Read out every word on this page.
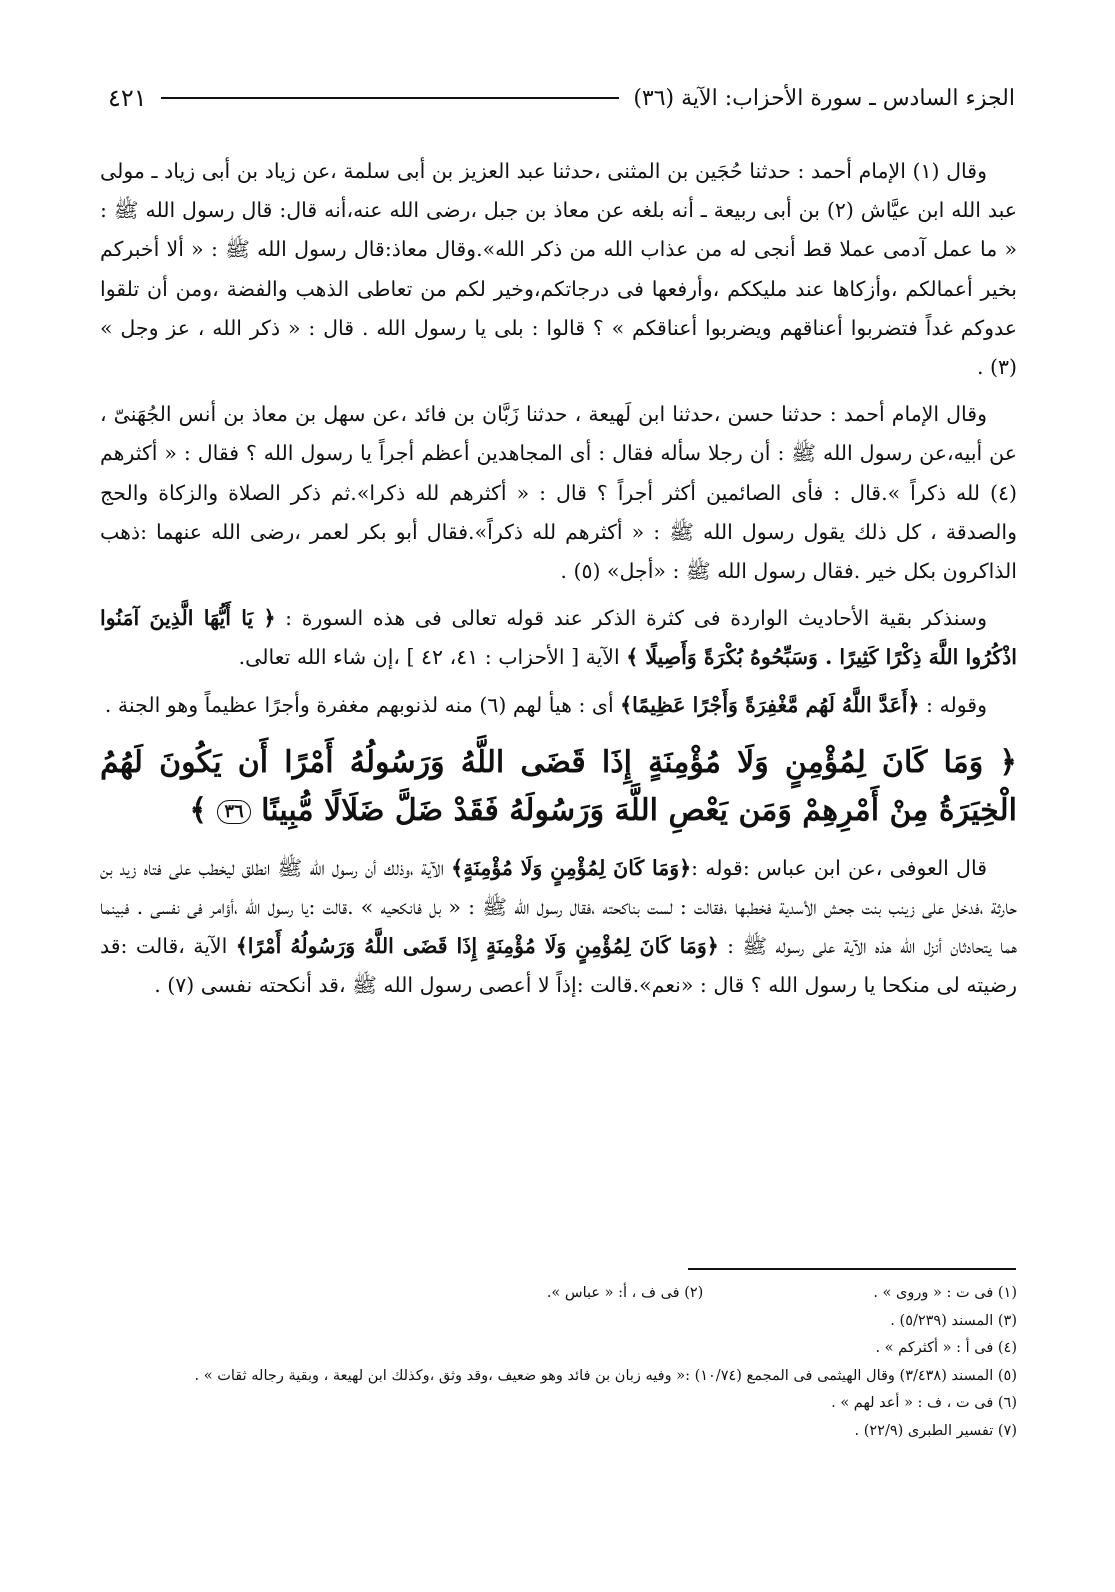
الجزء السادس ـ سورة الأحزاب: الآية (٣٦)
٤٢١

وقال (١) الإمام أحمد : حدثنا حُجَين بن المثنى ،حدثنا عبد العزيز بن أبى سلمة ،عن زياد بن أبى زياد ـ مولى عبد الله ابن عيَّاش (٢) بن أبى ربيعة ـ أنه بلغه عن معاذ بن جبل ،رضى الله عنه،أنه قال: قال رسول الله ﷺ : « ما عمل آدمى عملا قط أنجى له من عذاب الله من ذكر الله».وقال معاذ:قال رسول الله ﷺ : « ألا أخبركم بخير أعمالكم ،وأزكاها عند مليككم ،وأرفعها فى درجاتكم،وخير لكم من تعاطى الذهب والفضة ،ومن أن تلقوا عدوكم غداً فتضربوا أعناقهم ويضربوا أعناقكم » ؟ قالوا : بلى يا رسول الله . قال : « ذكر الله ، عز وجل » (٣) .

وقال الإمام أحمد : حدثنا حسن ،حدثنا ابن لَهيعة ، حدثنا زَبَّان بن فائد ،عن سهل بن معاذ بن أنس الجُهَنىّ ، عن أبيه،عن رسول الله ﷺ : أن رجلا سأله فقال : أى المجاهدين أعظم أجراً يا رسول الله ؟ فقال : « أكثرهم (٤) لله ذكراً ».قال : فأى الصائمين أكثر أجراً ؟ قال : « أكثرهم لله ذكرا».ثم ذكر الصلاة والزكاة والحج والصدقة ، كل ذلك يقول رسول الله ﷺ : « أكثرهم لله ذكراً».فقال أبو بكر لعمر ،رضى الله عنهما :ذهب الذاكرون بكل خير .فقال رسول الله ﷺ : «أجل» (٥) .

وسنذكر بقية الأحاديث الواردة فى كثرة الذكر عند قوله تعالى فى هذه السورة : ﴿ يَا أَيُّهَا الَّذِينَ آمَنُوا اذْكُرُوا اللَّهَ ذِكْرًا كَثِيرًا . وَسَبِّحُوهُ بُكْرَةً وَأَصِيلًا ﴾ الآية [ الأحزاب : ٤١، ٤٢ ] ،إن شاء الله تعالى.

وقوله : ﴿أَعَدَّ اللَّهُ لَهُم مَّغْفِرَةً وَأَجْرًا عَظِيمًا﴾ أى : هيأ لهم (٦) منه لذنوبهم مغفرة وأجرًا عظيماً وهو الجنة .

﴿ وَمَا كَانَ لِمُؤْمِنٍ وَلَا مُؤْمِنَةٍ إِذَا قَضَى اللَّهُ وَرَسُولُهُ أَمْرًا أَن يَكُونَ لَهُمُ الْخِيَرَةُ مِنْ أَمْرِهِمْ وَمَن يَعْصِ اللَّهَ وَرَسُولَهُ فَقَدْ ضَلَّ ضَلَالًا مُّبِينًا ٣٦ ﴾

قال العوفى ،عن ابن عباس :قوله :﴿وَمَا كَانَ لِمُؤْمِنٍ وَلَا مُؤْمِنَةٍ﴾ الآية ،وذلك أن رسول الله ﷺ انطلق ليخطب على فتاه زيد بن حارثة ،فدخل على زينب بنت جحش الأسدية فخطبها ،فقالت : لست بناكحته ،فقال رسول الله ﷺ : « بل فانكحيه » .قالت :يا رسول الله ،أؤامر فى نفسى . فبينما هما يتحادثان أنزل الله هذه الآية على رسوله ﷺ : ﴿وَمَا كَانَ لِمُؤْمِنٍ وَلَا مُؤْمِنَةٍ إِذَا قَضَى اللَّهُ وَرَسُولُهُ أَمْرًا﴾ الآية ،قالت :قد رضيته لى منكحا يا رسول الله ؟ قال : «نعم».قالت :إذاً لا أعصى رسول الله ﷺ ،قد أنكحته نفسى (٧) .

(١) فى ت : « وروى » .
(٢) فى ف ، أ: « عباس ».
(٣) المسند (٥/٢٣٩) .
(٤) فى أ : « أكثركم » .
(٥) المسند (٣/٤٣٨) وقال الهيثمى فى المجمع (١٠/٧٤) :« وفيه زبان بن فائد وهو ضعيف ،وقد وثق ،وكذلك ابن لهيعة ، وبقية رجاله ثقات » .
(٦) فى ت ، ف : « أعد لهم » .
(٧) تفسير الطبرى (٢٢/٩) .
